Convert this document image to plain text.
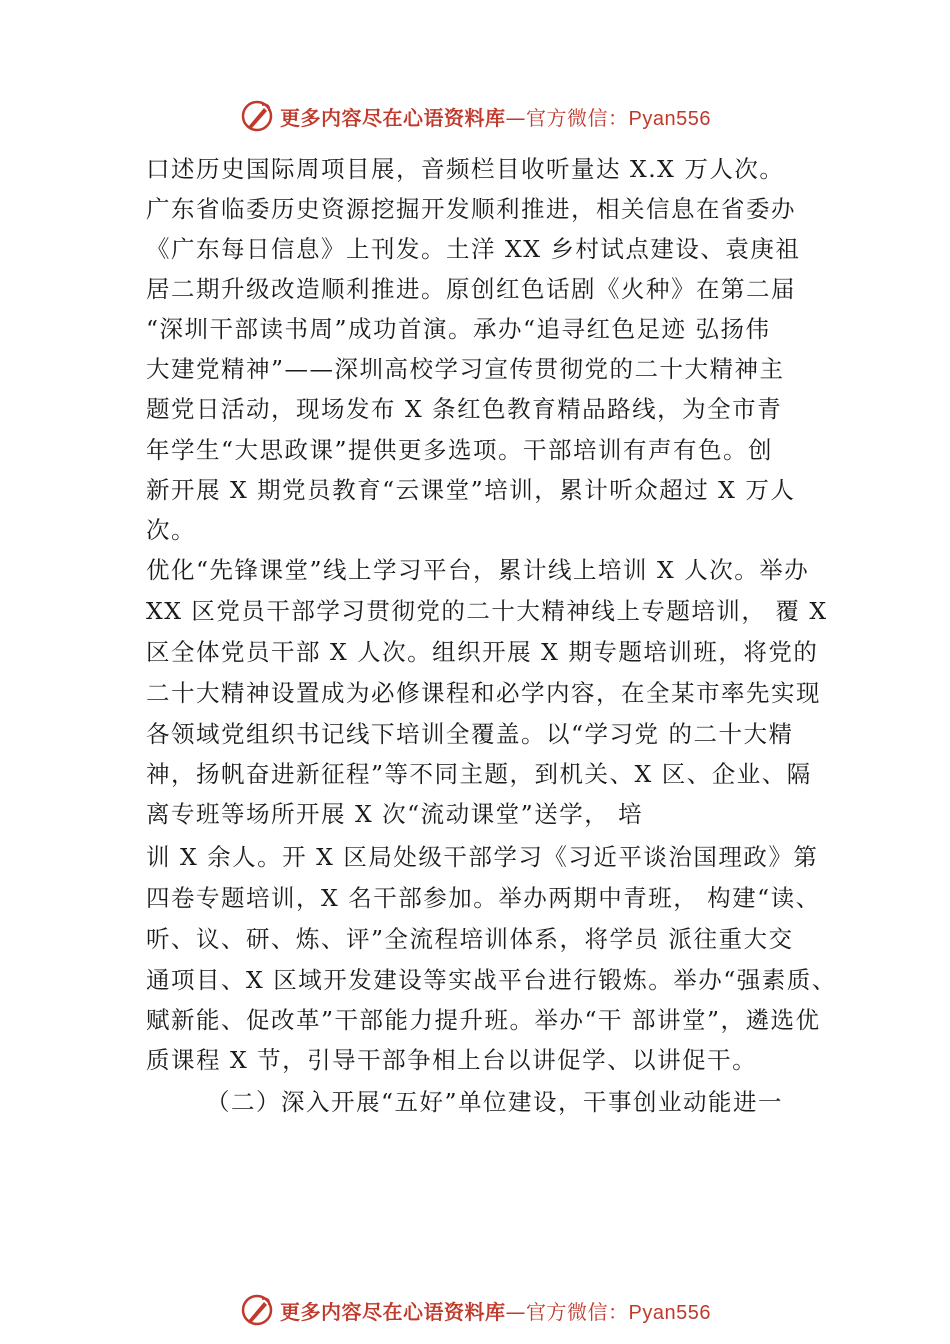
更多内容尽在心语资料库—官方微信：Pyan556
口述历史国际周项目展，音频栏目收听量达 X.X 万人次。
广东省临委历史资源挖掘开发顺利推进，相关信息在省委办
《广东每日信息》上刊发。土洋 XX 乡村试点建设、袁庚祖
居二期升级改造顺利推进。原创红色话剧《火种》在第二届
“深圳干部读书周”成功首演。承办“追寻红色足迹 弘扬伟
大建党精神”——深圳高校学习宣传贯彻党的二十大精神主
题党日活动，现场发布 X 条红色教育精品路线，为全市青
年学生“大思政课”提供更多选项。干部培训有声有色。创
新开展 X 期党员教育“云课堂”培训，累计听众超过 X 万人
次。
优化“先锋课堂”线上学习平台，累计线上培训 X 人次。举办
XX 区党员干部学习贯彻党的二十大精神线上专题培训， 覆 X
区全体党员干部 X 人次。组织开展 X 期专题培训班，将党的
二十大精神设置成为必修课程和必学内容，在全某市率先实现
各领域党组织书记线下培训全覆盖。以“学习党 的二十大精
神，扬帆奋进新征程”等不同主题，到机关、X 区、企业、隔
离专班等场所开展 X 次“流动课堂”送学， 培
训 X 余人。开 X 区局处级干部学习《习近平谈治国理政》第
四卷专题培训，X 名干部参加。举办两期中青班， 构建“读、
听、议、研、炼、评”全流程培训体系，将学员 派往重大交
通项目、X 区域开发建设等实战平台进行锻炼。举办“强素质、
赋新能、促改革”干部能力提升班。举办“干 部讲堂”，遴选优
质课程 X 节，引导干部争相上台以讲促学、以讲促干。
（二）深入开展“五好”单位建设，干事创业动能进一
更多内容尽在心语资料库—官方微信：Pyan556
